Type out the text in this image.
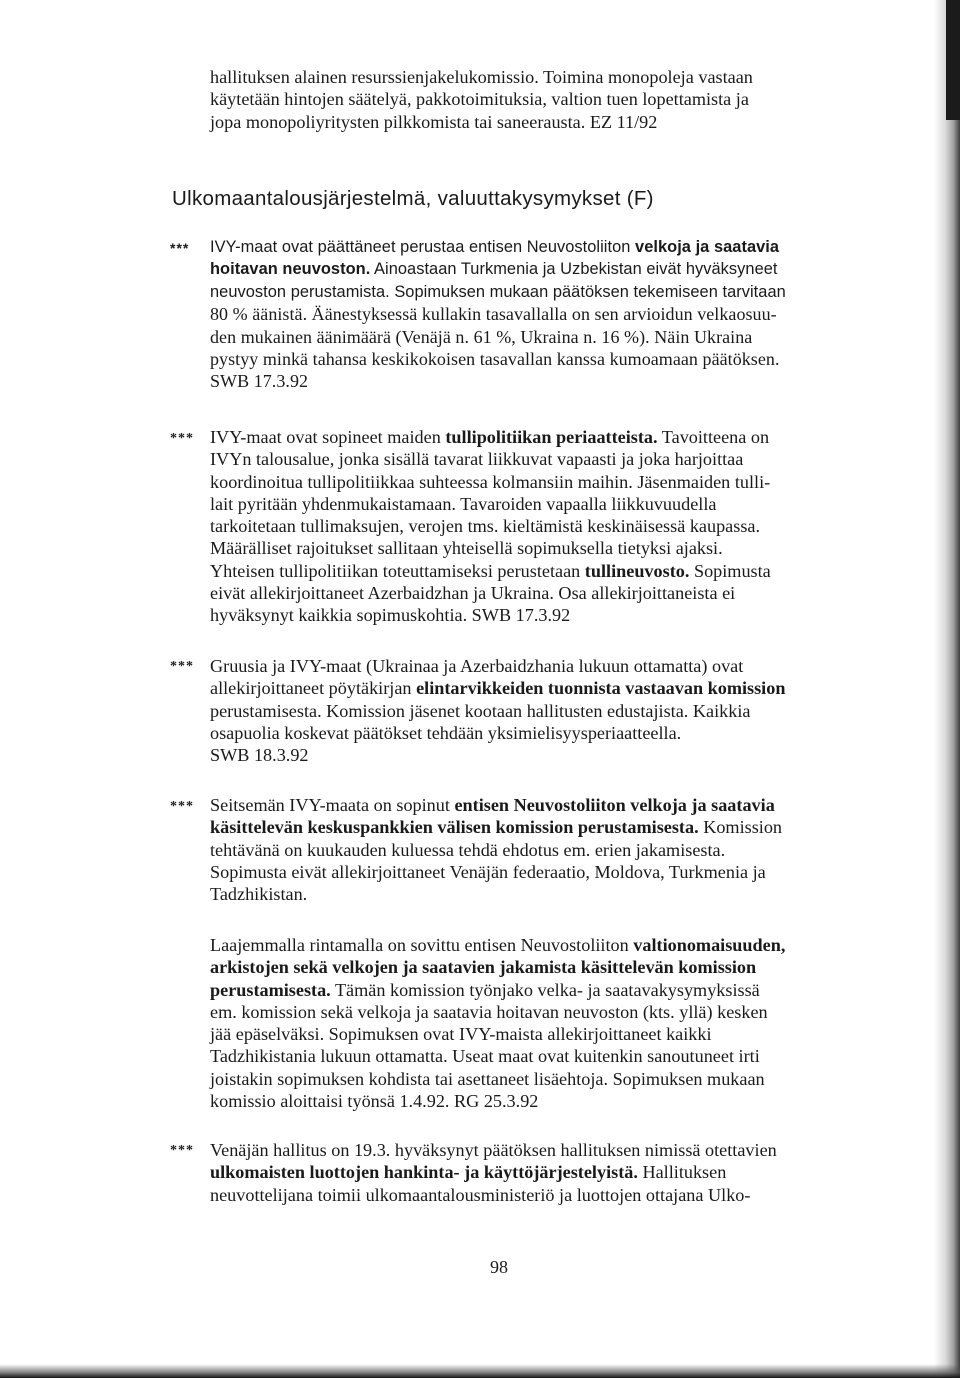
hallituksen alainen resurssienjakelukomissio. Toimina monopoleja vastaan
käytetään hintojen säätelyä, pakkotoimituksia, valtion tuen lopettamista ja
jopa monopoliyritysten pilkkomista tai saneerausta. EZ 11/92
Ulkomaantalousjärjestelmä, valuuttakysymykset (F)
*** IVY-maat ovat päättäneet perustaa entisen Neuvostoliiton velkoja ja saatavia
hoitavan neuvoston. Ainoastaan Turkmenia ja Uzbekistan eivät hyväksyneet
neuvoston perustamista. Sopimuksen mukaan päätöksen tekemiseen tarvitaan
80 % äänistä. Äänestyksessä kullakin tasavallalla on sen arvioidun velkaosuu-
den mukainen äänimäärä (Venäjä n. 61 %, Ukraina n. 16 %). Näin Ukraina
pystyy minkä tahansa keskikokoisen tasavallan kanssa kumoamaan päätöksen.
SWB 17.3.92
*** IVY-maat ovat sopineet maiden tullipolitiikan periaatteista. Tavoitteena on
IVYn talousalue, jonka sisällä tavarat liikkuvat vapaasti ja joka harjoittaa
koordinoitua tullipolitiikkaa suhteessa kolmansiin maihin. Jäsenmaiden tulli-
lait pyritään yhdenmukaistamaan. Tavaroiden vapaalla liikkuvuudella
tarkoitetaan tullimaksujen, verojen tms. kieltämistä keskinäisessä kaupassa.
Määrälliset rajoitukset sallitaan yhteisellä sopimuksella tietyksi ajaksi.
Yhteisen tullipolitiikan toteuttamiseksi perustetaan tullineuvosto. Sopimusta
eivät allekirjoittaneet Azerbaidzhan ja Ukraina. Osa allekirjoittaneista ei
hyväksynyt kaikkia sopimuskohtia. SWB 17.3.92
*** Gruusia ja IVY-maat (Ukrainaa ja Azerbaidzhania lukuun ottamatta) ovat
allekirjoittaneet pöytäkirjan elintarvikkeiden tuonnista vastaavan komission
perustamisesta. Komission jäsenet kootaan hallitusten edustajista. Kaikkia
osapuolia koskevat päätökset tehdään yksimielisyysperiaatteella.
SWB 18.3.92
*** Seitsemän IVY-maata on sopinut entisen Neuvostoliiton velkoja ja saatavia
käsittelevän keskuspankkien välisen komission perustamisesta. Komission
tehtävänä on kuukauden kuluessa tehdä ehdotus em. erien jakamisesta.
Sopimusta eivät allekirjoittaneet Venäjän federaatio, Moldova, Turkmenia ja
Tadzhikistan.
Laajemmalla rintamalla on sovittu entisen Neuvostoliiton valtionomaisuuden,
arkistojen sekä velkojen ja saatavien jakamista käsittelevän komission
perustamisesta. Tämän komission työnjako velka- ja saatavakysymyksissä
em. komission sekä velkoja ja saatavia hoitavan neuvoston (kts. yllä) kesken
jää epäselväksi. Sopimuksen ovat IVY-maista allekirjoittaneet kaikki
Tadzhikistania lukuun ottamatta. Useat maat ovat kuitenkin sanoutuneet irti
joistakin sopimuksen kohdista tai asettaneet lisäehtoja. Sopimuksen mukaan
komissio aloittaisi työnsä 1.4.92. RG 25.3.92
*** Venäjän hallitus on 19.3. hyväksynyt päätöksen hallituksen nimissä otettavien
ulkomaisten luottojen hankinta- ja käyttöjärjestelyistä. Hallituksen
neuvottelijana toimii ulkomaantalousministeriö ja luottojen ottajana Ulko-
98
